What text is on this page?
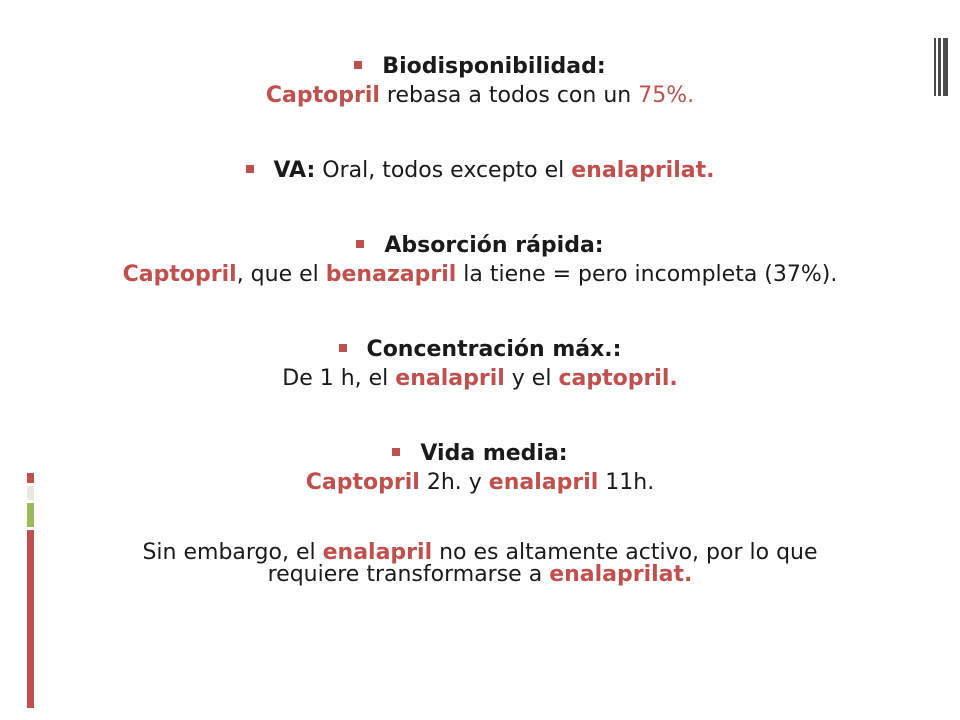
Biodisponibilidad:
Captopril rebasa a todos con un 75%.
VA: Oral, todos excepto el enalaprilat.
Absorción rápida:
Captopril, que el benazapril la tiene = pero incompleta (37%).
Concentración máx.:
De 1 h, el enalapril y el captopril.
Vida media:
Captopril 2h. y enalapril 11h.
Sin embargo, el enalapril no es altamente activo, por lo que
requiere transformarse a enalaprilat.
